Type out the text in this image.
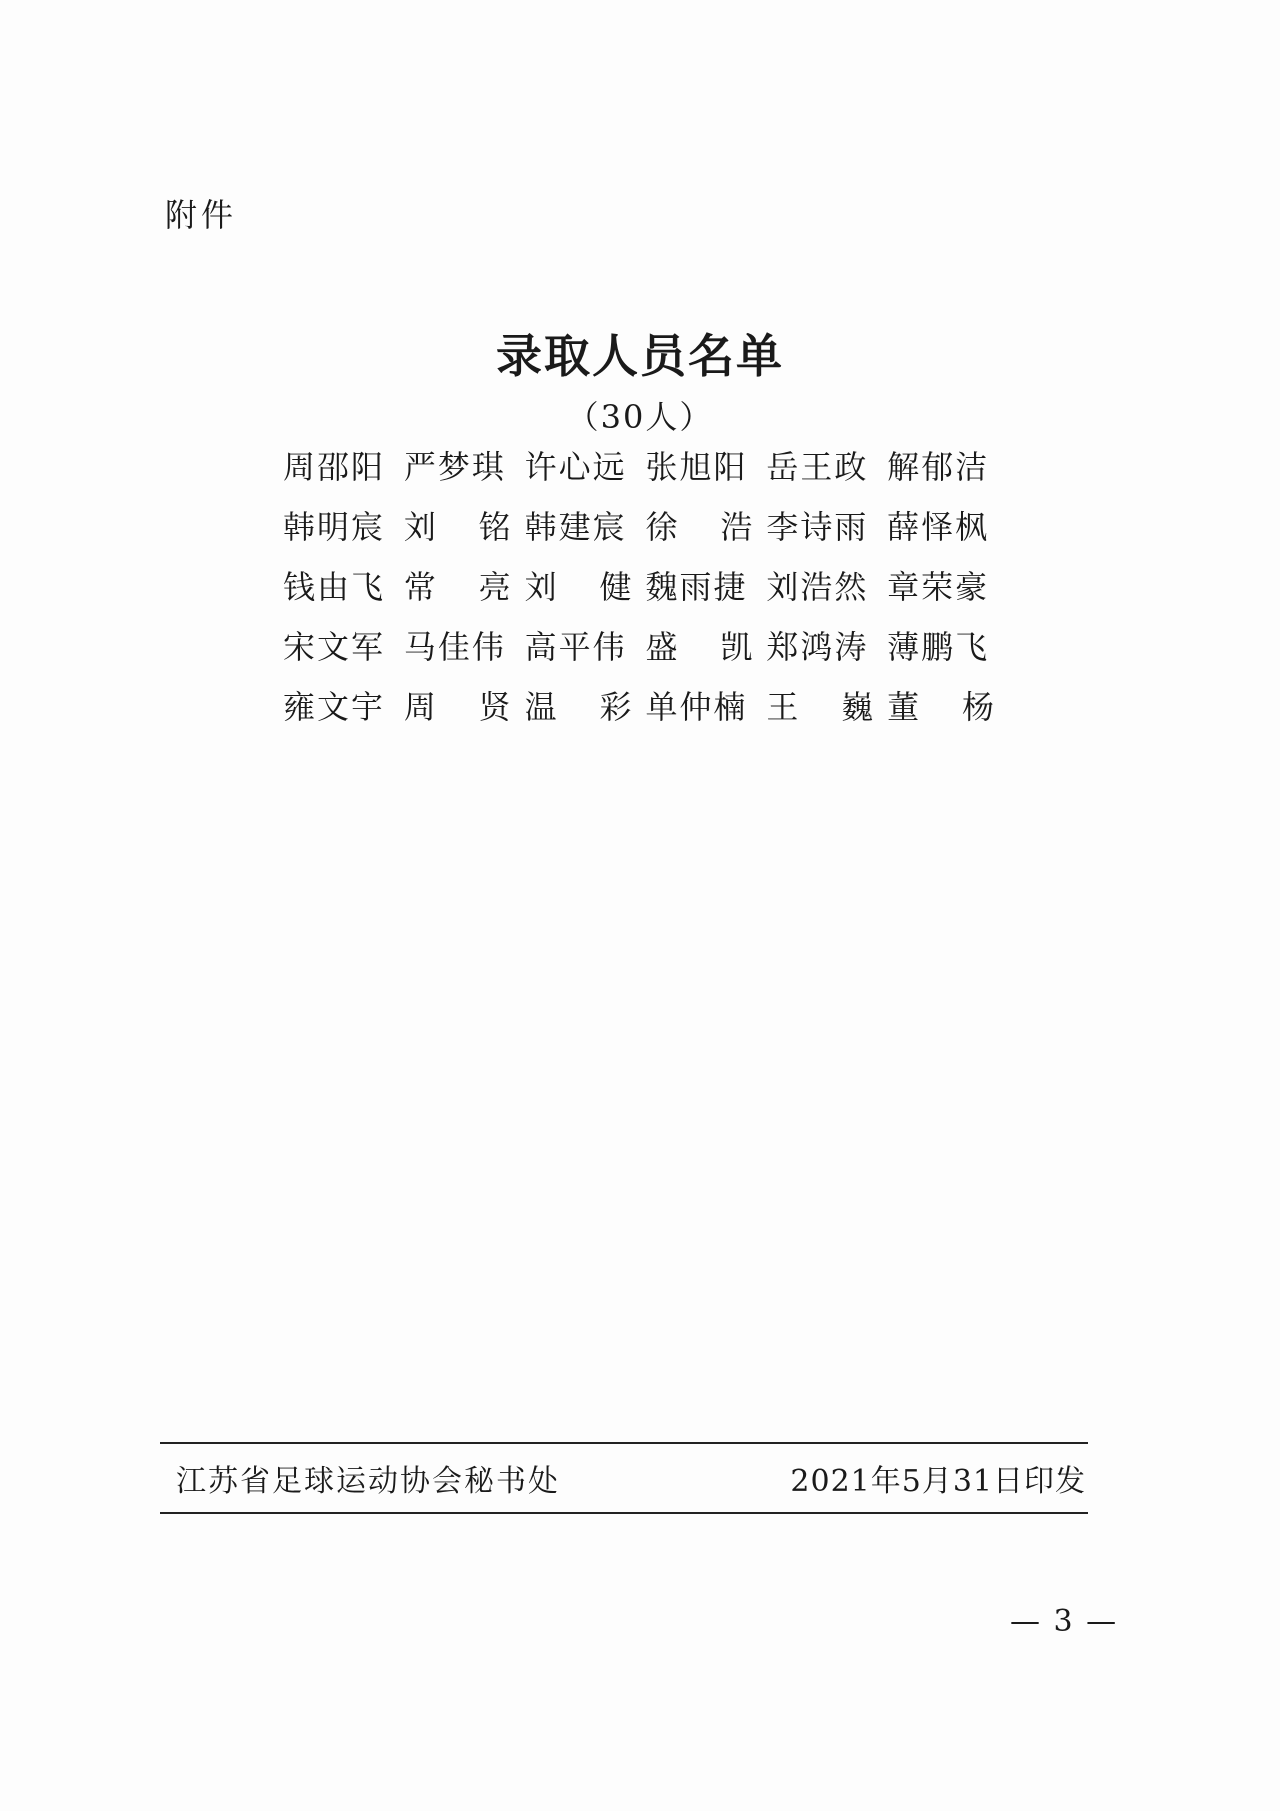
附件
录取人员名单
（30人）
周邵阳 严梦琪 许心远 张旭阳 岳王政 解郁洁
韩明宸 刘 铭 韩建宸 徐 浩 李诗雨 薛怿枫
钱由飞 常 亮 刘 健 魏雨捷 刘浩然 章荣豪
宋文军 马佳伟 高平伟 盛 凯 郑鸿涛 薄鹏飞
雍文宇 周 贤 温 彩 单仲楠 王 巍 董 杨
江苏省足球运动协会秘书处	2021年5月31日印发
— 3 —
